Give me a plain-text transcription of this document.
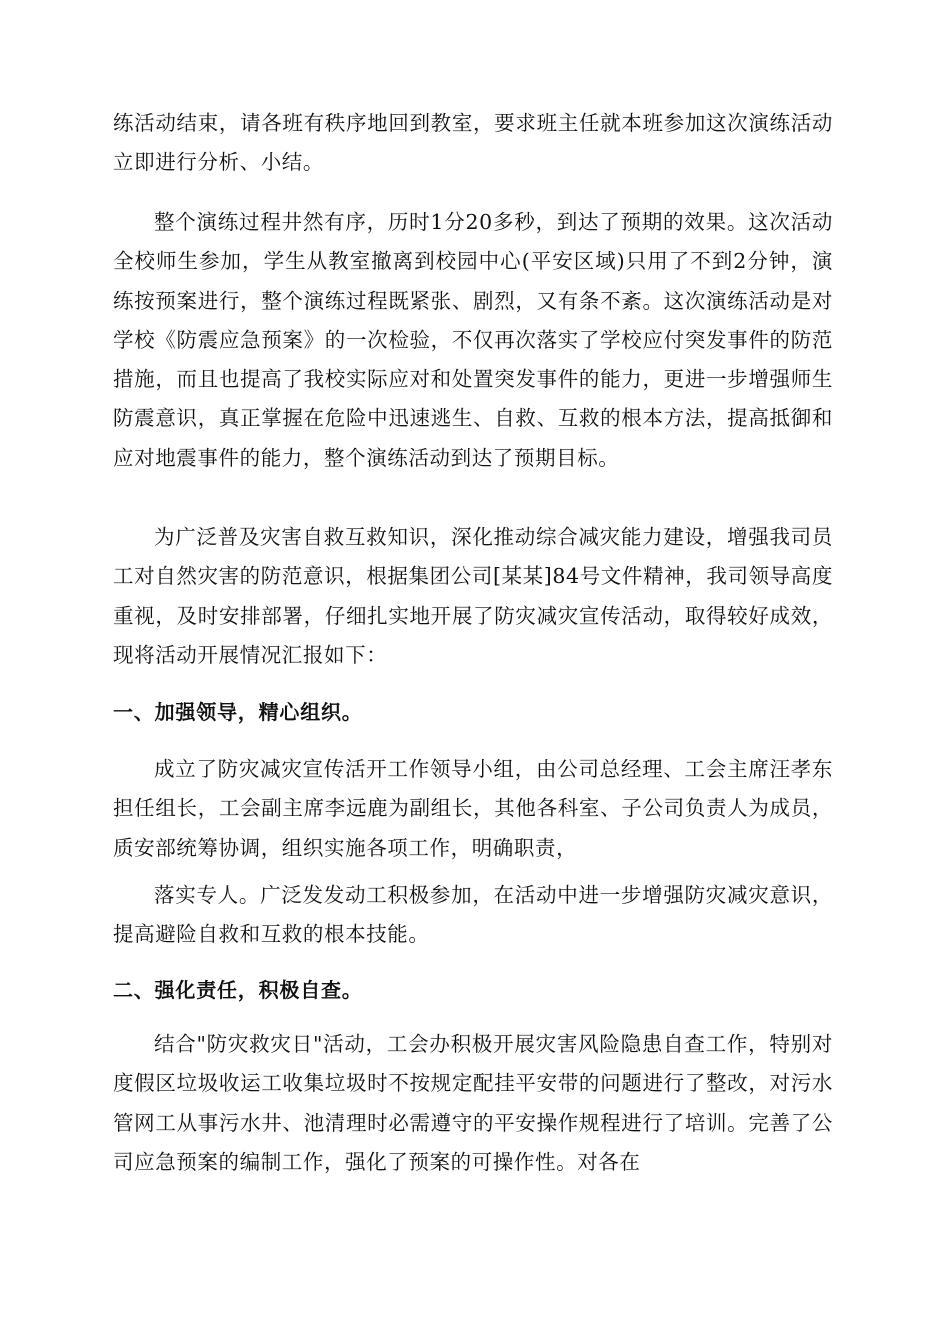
练活动结束，请各班有秩序地回到教室，要求班主任就本班参加这次演练活动立即进行分析、小结。

整个演练过程井然有序，历时1分20多秒，到达了预期的效果。这次活动全校师生参加，学生从教室撤离到校园中心(平安区域)只用了不到2分钟，演练按预案进行，整个演练过程既紧张、剧烈，又有条不紊。这次演练活动是对学校《防震应急预案》的一次检验，不仅再次落实了学校应付突发事件的防范措施，而且也提高了我校实际应对和处置突发事件的能力，更进一步增强师生防震意识，真正掌握在危险中迅速逃生、自救、互救的根本方法，提高抵御和应对地震事件的能力，整个演练活动到达了预期目标。

为广泛普及灾害自救互救知识，深化推动综合减灾能力建设，增强我司员工对自然灾害的防范意识，根据集团公司[某某]84号文件精神，我司领导高度重视，及时安排部署，仔细扎实地开展了防灾减灾宣传活动，取得较好成效，现将活动开展情况汇报如下：

一、加强领导，精心组织。

成立了防灾减灾宣传活开工作领导小组，由公司总经理、工会主席汪孝东担任组长，工会副主席李远鹿为副组长，其他各科室、子公司负责人为成员，质安部统筹协调，组织实施各项工作，明确职责，

落实专人。广泛发发动工积极参加，在活动中进一步增强防灾减灾意识，提高避险自救和互救的根本技能。

二、强化责任，积极自查。

结合"防灾救灾日"活动，工会办积极开展灾害风险隐患自查工作，特别对度假区垃圾收运工收集垃圾时不按规定配挂平安带的问题进行了整改，对污水管网工从事污水井、池清理时必需遵守的平安操作规程进行了培训。完善了公司应急预案的编制工作，强化了预案的可操作性。对各在
